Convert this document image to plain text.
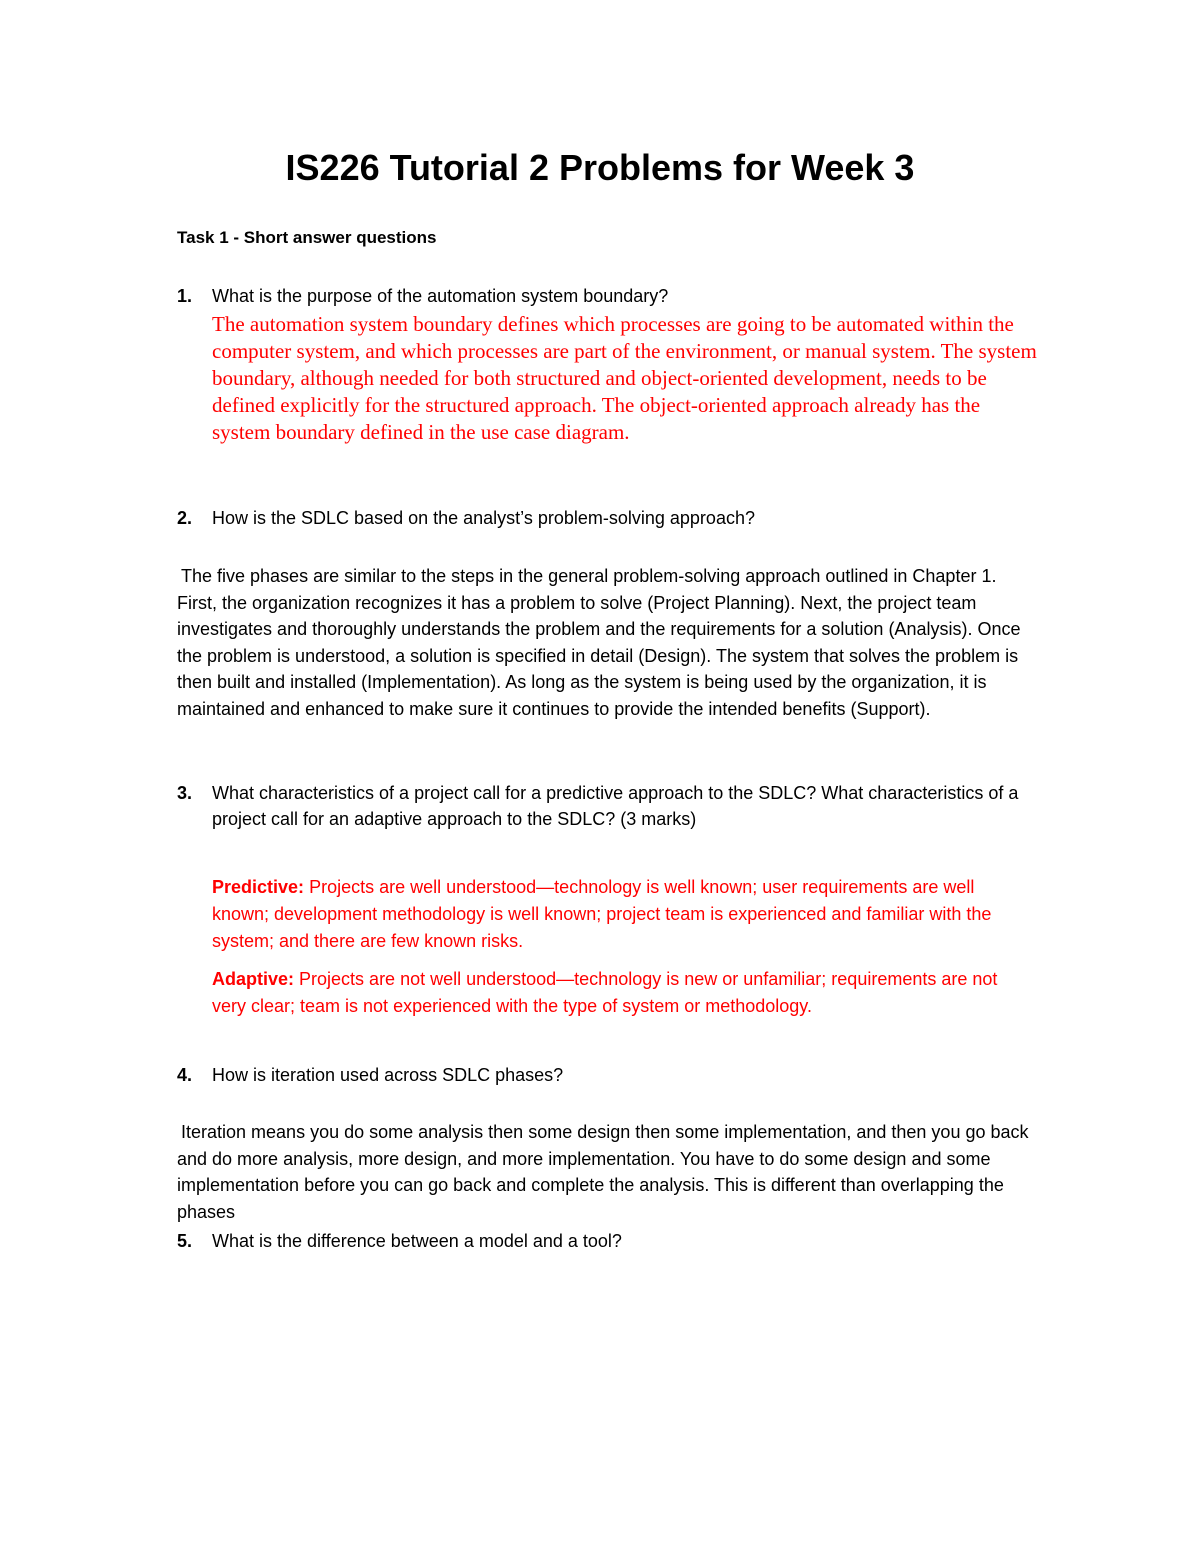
IS226 Tutorial 2 Problems for Week 3
Task 1 - Short answer questions
1. What is the purpose of the automation system boundary?
The automation system boundary defines which processes are going to be automated within the computer system, and which processes are part of the environment, or manual system. The system boundary, although needed for both structured and object-oriented development, needs to be defined explicitly for the structured approach. The object-oriented approach already has the system boundary defined in the use case diagram.
2. How is the SDLC based on the analyst’s problem-solving approach?
The five phases are similar to the steps in the general problem-solving approach outlined in Chapter 1. First, the organization recognizes it has a problem to solve (Project Planning). Next, the project team investigates and thoroughly understands the problem and the requirements for a solution (Analysis). Once the problem is understood, a solution is specified in detail (Design). The system that solves the problem is then built and installed (Implementation). As long as the system is being used by the organization, it is maintained and enhanced to make sure it continues to provide the intended benefits (Support).
3. What characteristics of a project call for a predictive approach to the SDLC? What characteristics of a project call for an adaptive approach to the SDLC? (3 marks)
Predictive: Projects are well understood—technology is well known; user requirements are well known; development methodology is well known; project team is experienced and familiar with the system; and there are few known risks.
Adaptive: Projects are not well understood—technology is new or unfamiliar; requirements are not very clear; team is not experienced with the type of system or methodology.
4. How is iteration used across SDLC phases?
Iteration means you do some analysis then some design then some implementation, and then you go back and do more analysis, more design, and more implementation. You have to do some design and some implementation before you can go back and complete the analysis. This is different than overlapping the phases
5. What is the difference between a model and a tool?
